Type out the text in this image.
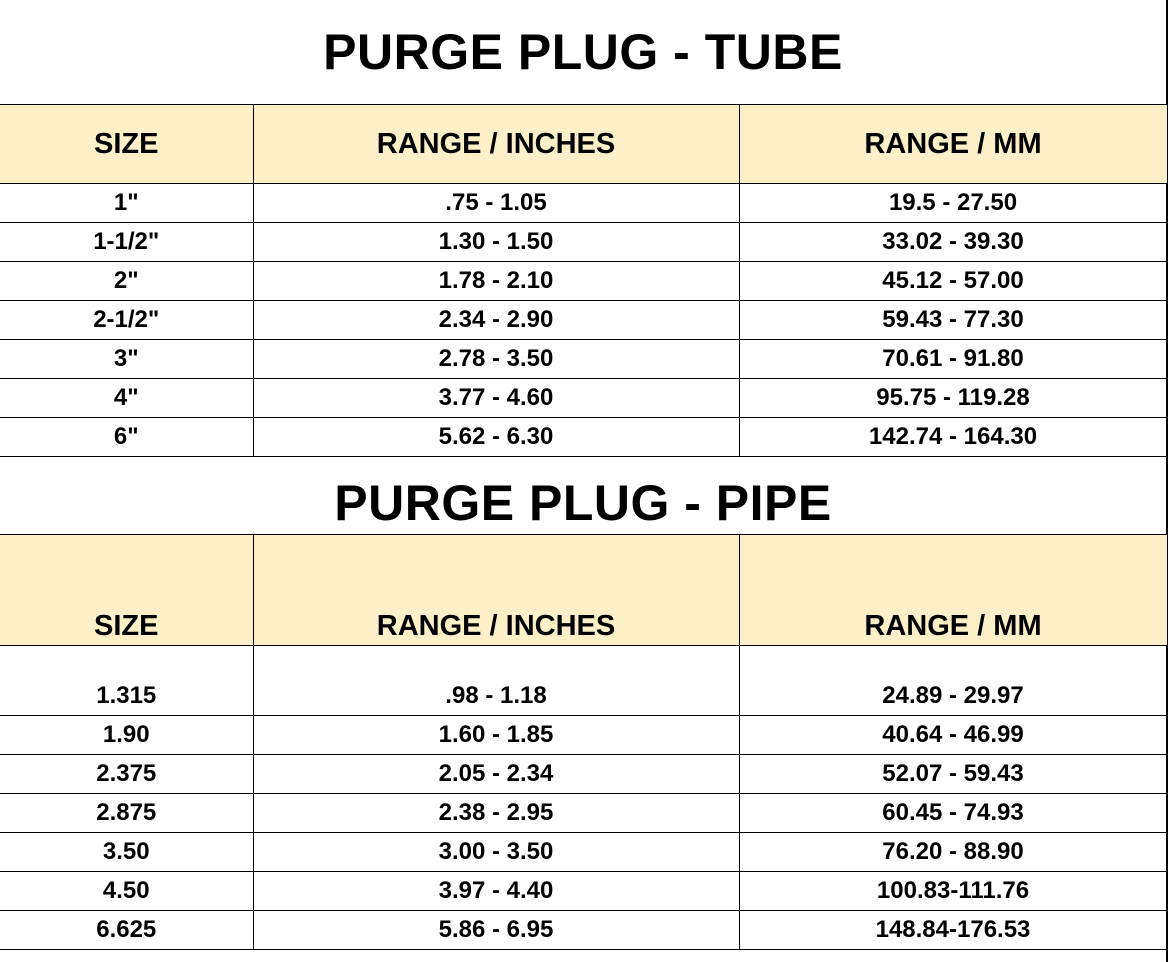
PURGE PLUG - TUBE
SIZE	RANGE / INCHES	RANGE / MM
1"	.75 - 1.05	19.5 - 27.50
1-1/2"	1.30 - 1.50	33.02 - 39.30
2"	1.78 - 2.10	45.12 - 57.00
2-1/2"	2.34 - 2.90	59.43 - 77.30
3"	2.78 - 3.50	70.61 - 91.80
4"	3.77 - 4.60	95.75 - 119.28
6"	5.62 - 6.30	142.74 - 164.30
PURGE PLUG - PIPE
SIZE	RANGE / INCHES	RANGE / MM
1.315	.98 - 1.18	24.89 - 29.97
1.90	1.60 - 1.85	40.64 - 46.99
2.375	2.05 - 2.34	52.07 - 59.43
2.875	2.38 - 2.95	60.45 - 74.93
3.50	3.00 - 3.50	76.20 - 88.90
4.50	3.97 - 4.40	100.83-111.76
6.625	5.86 - 6.95	148.84-176.53
